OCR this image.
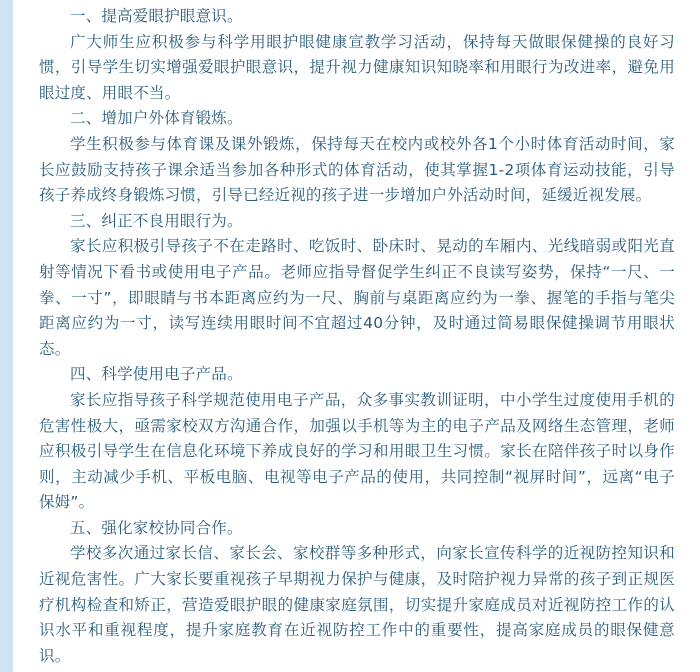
一、提高爱眼护眼意识。

广大师生应积极参与科学用眼护眼健康宣教学习活动，保持每天做眼保健操的良好习惯，引导学生切实增强爱眼护眼意识，提升视力健康知识知晓率和用眼行为改进率，避免用眼过度、用眼不当。

二、增加户外体育锻炼。

学生积极参与体育课及课外锻炼，保持每天在校内或校外各1个小时体育活动时间，家长应鼓励支持孩子课余适当参加各种形式的体育活动，使其掌握1-2项体育运动技能，引导孩子养成终身锻炼习惯，引导已经近视的孩子进一步增加户外活动时间，延缓近视发展。

三、纠正不良用眼行为。

家长应积极引导孩子不在走路时、吃饭时、卧床时、晃动的车厢内、光线暗弱或阳光直射等情况下看书或使用电子产品。老师应指导督促学生纠正不良读写姿势，保持“一尺、一拳、一寸”，即眼睛与书本距离应约为一尺、胸前与桌距离应约为一拳、握笔的手指与笔尖距离应约为一寸，读写连续用眼时间不宜超过40分钟，及时通过简易眼保健操调节用眼状态。

四、科学使用电子产品。

家长应指导孩子科学规范使用电子产品，众多事实教训证明，中小学生过度使用手机的危害性极大，亟需家校双方沟通合作，加强以手机等为主的电子产品及网络生态管理，老师应积极引导学生在信息化环境下养成良好的学习和用眼卫生习惯。家长在陪伴孩子时以身作则，主动减少手机、平板电脑、电视等电子产品的使用，共同控制“视屏时间”，远离“电子保姆”。

五、强化家校协同合作。

学校多次通过家长信、家长会、家校群等多种形式，向家长宣传科学的近视防控知识和近视危害性。广大家长要重视孩子早期视力保护与健康，及时陪护视力异常的孩子到正规医疗机构检查和矫正，营造爱眼护眼的健康家庭氛围，切实提升家庭成员对近视防控工作的认识水平和重视程度，提升家庭教育在近视防控工作中的重要性，提高家庭成员的眼保健意识。
